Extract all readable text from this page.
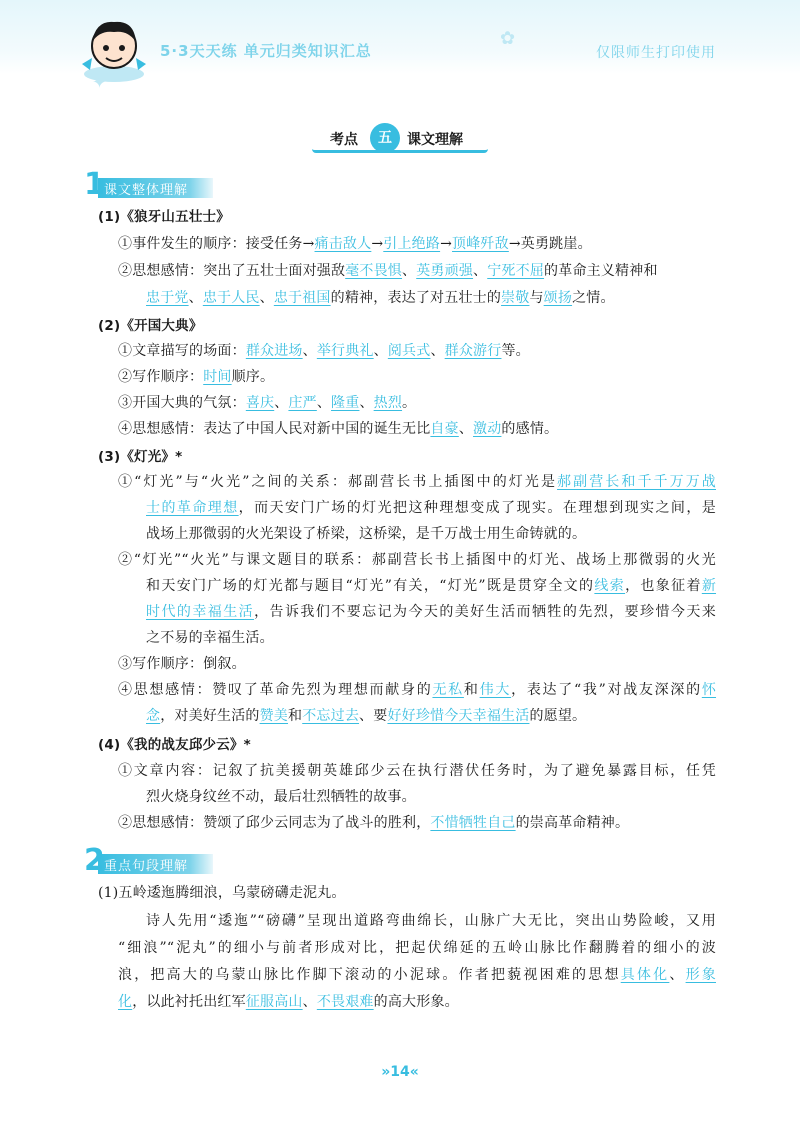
✦
✿
5·3天天练 单元归类知识汇总	仅限师生打印使用
考点	五	课文理解
1 课文整体理解
(1)《狼牙山五壮士》
①事件发生的顺序：接受任务→痛击敌人→引上绝路→顶峰歼敌→英勇跳崖。
②思想感情：突出了五壮士面对强敌毫不畏惧、英勇顽强、宁死不屈的革命主义精神和
忠于党、忠于人民、忠于祖国的精神，表达了对五壮士的崇敬与颂扬之情。
(2)《开国大典》
①文章描写的场面：群众进场、举行典礼、阅兵式、群众游行等。
②写作顺序：时间顺序。
③开国大典的气氛：喜庆、庄严、隆重、热烈。
④思想感情：表达了中国人民对新中国的诞生无比自豪、激动的感情。
(3)《灯光》*
①“灯光”与“火光”之间的关系：郝副营长书上插图中的灯光是郝副营长和千千万万战
士的革命理想，而天安门广场的灯光把这种理想变成了现实。在理想到现实之间，是
战场上那微弱的火光架设了桥梁，这桥梁，是千万战士用生命铸就的。
②“灯光”“火光”与课文题目的联系：郝副营长书上插图中的灯光、战场上那微弱的火光
和天安门广场的灯光都与题目“灯光”有关，“灯光”既是贯穿全文的线索，也象征着新
时代的幸福生活，告诉我们不要忘记为今天的美好生活而牺牲的先烈，要珍惜今天来
之不易的幸福生活。
③写作顺序：倒叙。
④思想感情：赞叹了革命先烈为理想而献身的无私和伟大，表达了“我”对战友深深的怀
念，对美好生活的赞美和不忘过去、要好好珍惜今天幸福生活的愿望。
(4)《我的战友邱少云》*
①文章内容：记叙了抗美援朝英雄邱少云在执行潜伏任务时，为了避免暴露目标，任凭
烈火烧身纹丝不动，最后壮烈牺牲的故事。
②思想感情：赞颂了邱少云同志为了战斗的胜利，不惜牺牲自己的崇高革命精神。
2 重点句段理解
(1)五岭逶迤腾细浪，乌蒙磅礴走泥丸。
诗人先用“逶迤”“磅礴”呈现出道路弯曲绵长，山脉广大无比，突出山势险峻，又用
“细浪”“泥丸”的细小与前者形成对比，把起伏绵延的五岭山脉比作翻腾着的细小的波
浪，把高大的乌蒙山脉比作脚下滚动的小泥球。作者把藐视困难的思想具体化、形象
化，以此衬托出红军征服高山、不畏艰难的高大形象。
»14«
